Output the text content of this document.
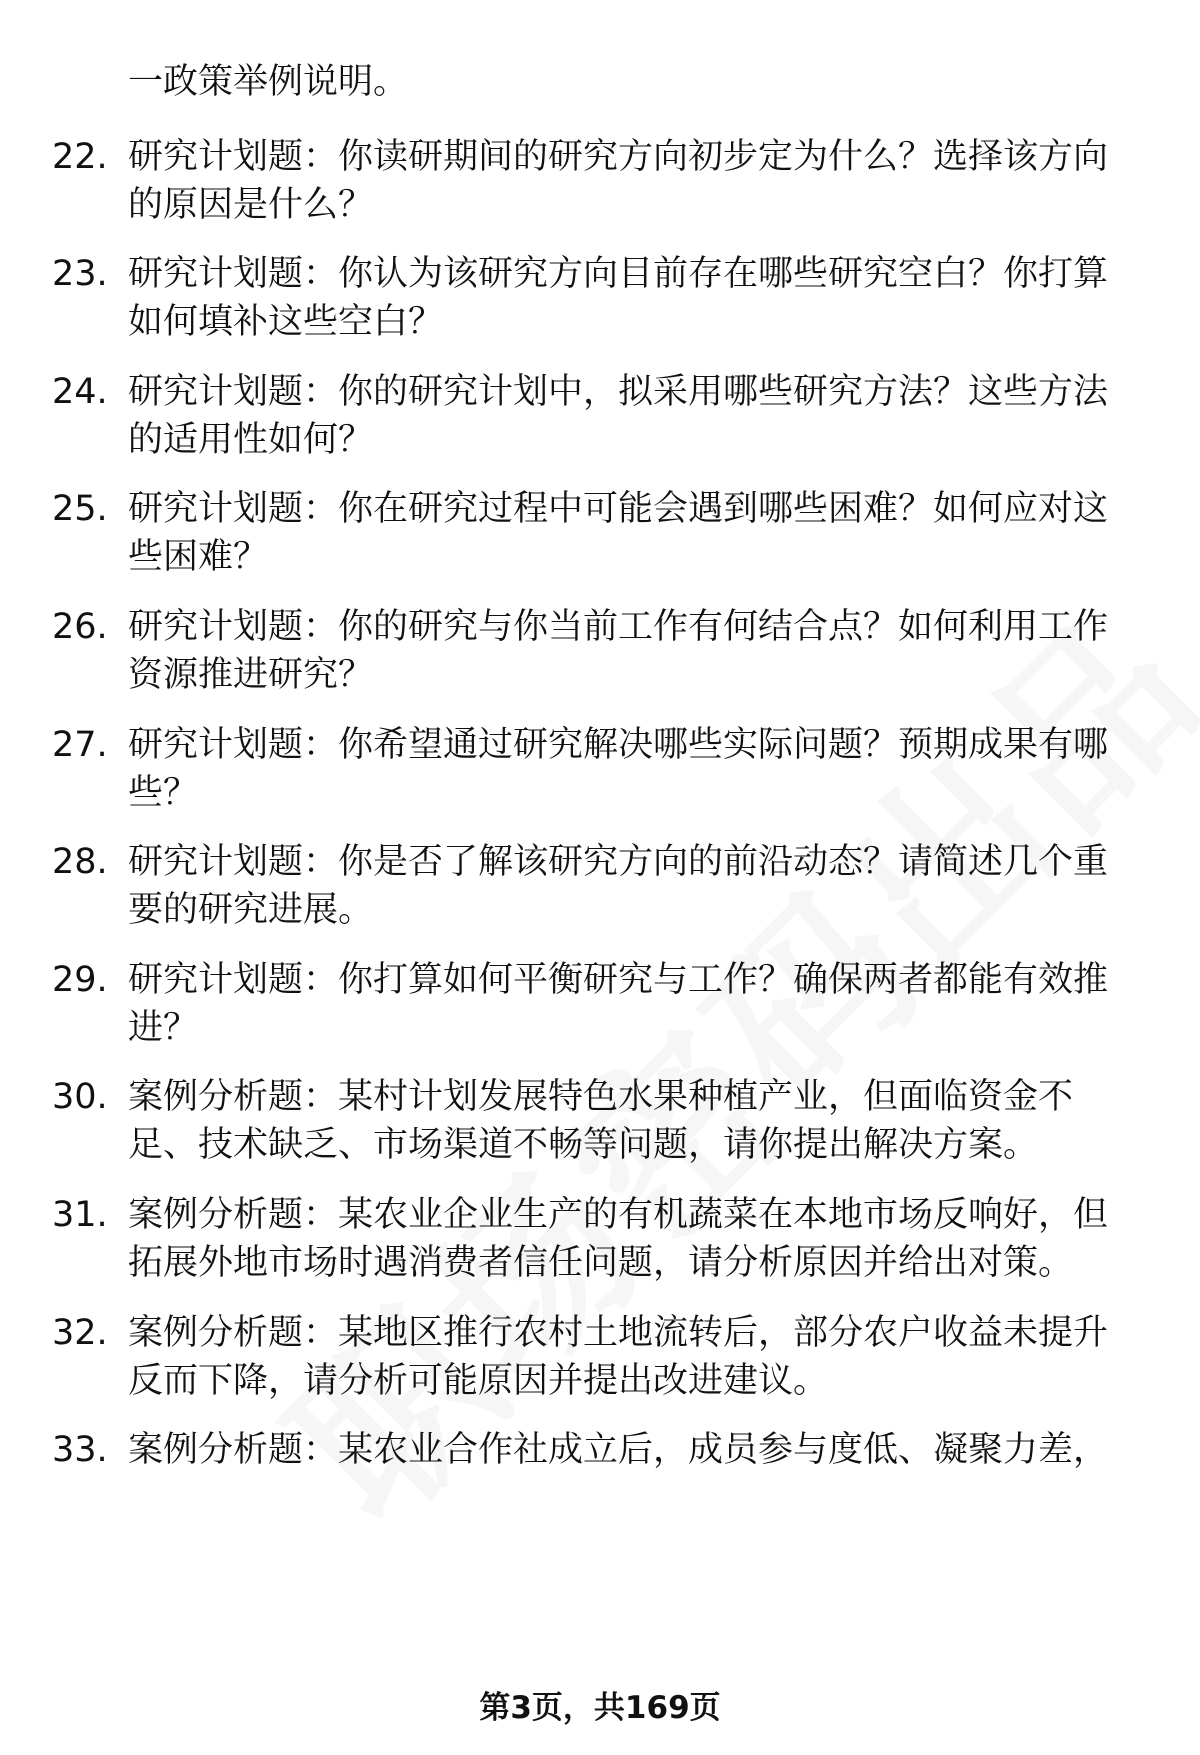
一政策举例说明。

22. 研究计划题：你读研期间的研究方向初步定为什么？选择该方向
的原因是什么？
23. 研究计划题：你认为该研究方向目前存在哪些研究空白？你打算
如何填补这些空白？
24. 研究计划题：你的研究计划中，拟采用哪些研究方法？这些方法
的适用性如何？
25. 研究计划题：你在研究过程中可能会遇到哪些困难？如何应对这
些困难？
26. 研究计划题：你的研究与你当前工作有何结合点？如何利用工作
资源推进研究？
27. 研究计划题：你希望通过研究解决哪些实际问题？预期成果有哪
些？
28. 研究计划题：你是否了解该研究方向的前沿动态？请简述几个重
要的研究进展。
29. 研究计划题：你打算如何平衡研究与工作？确保两者都能有效推
进？
30. 案例分析题：某村计划发展特色水果种植产业，但面临资金不
足、技术缺乏、市场渠道不畅等问题，请你提出解决方案。
31. 案例分析题：某农业企业生产的有机蔬菜在本地市场反响好，但
拓展外地市场时遇消费者信任问题，请分析原因并给出对策。
32. 案例分析题：某地区推行农村土地流转后，部分农户收益未提升
反而下降，请分析可能原因并提出改进建议。
33. 案例分析题：某农业合作社成立后，成员参与度低、凝聚力差，
第3页，共169页
